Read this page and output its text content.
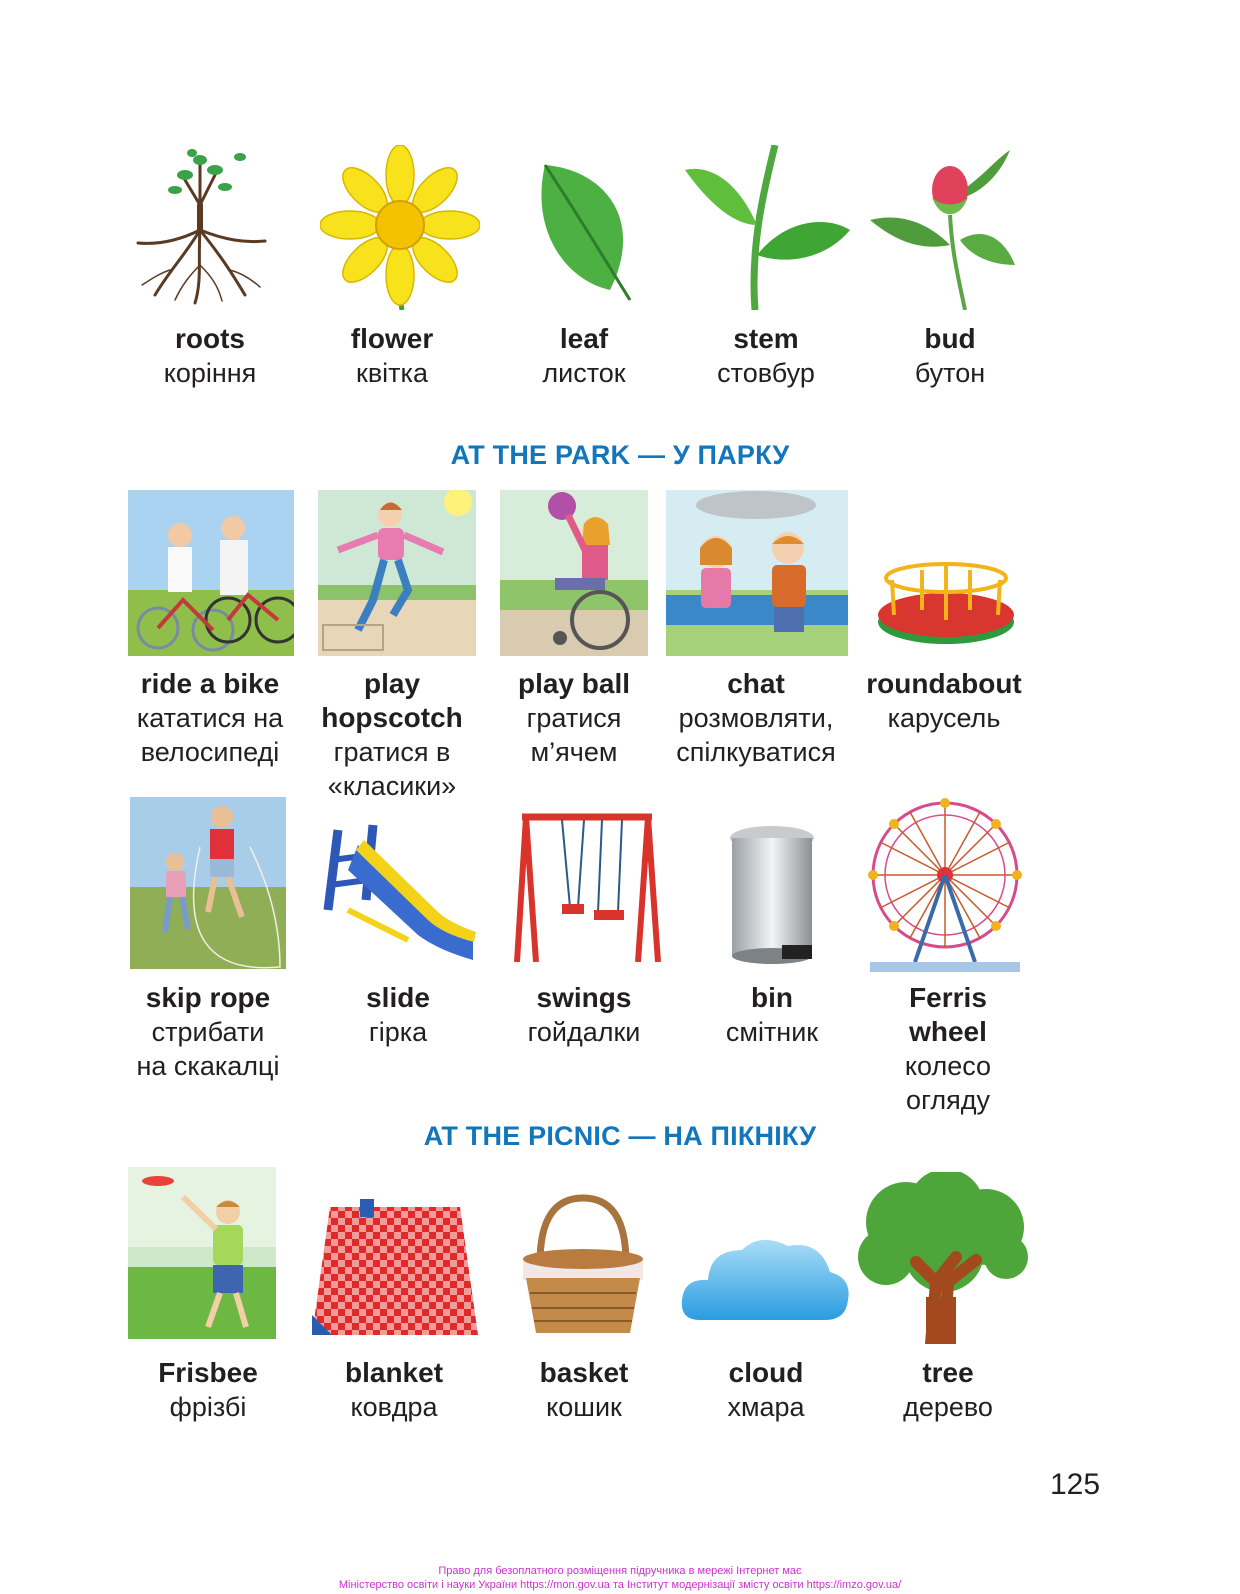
roots
коріння
flower
квітка
leaf
листок
stem
стовбур
bud
бутон
AT THE PARK — У ПАРКУ
ride a bike
кататися на
велосипеді
play
hopscotch
гратися в
«класики»
play ball
гратися
м’ячем
chat
розмовляти,
спілкуватися
roundabout
карусель
skip rope
стрибати
на скакалці
slide
гірка
swings
гойдалки
bin
смітник
Ferris
wheel
колесо
огляду
AT THE PICNIC — НА ПІКНІКУ
Frisbee
фрізбі
blanket
ковдра
basket
кошик
cloud
хмара
tree
дерево
125
Право для безоплатного розміщення підручника в мережі Інтернет має
Міністерство освіти і науки України https://mon.gov.ua та Інститут модернізації змісту освіти https://imzo.gov.ua/
